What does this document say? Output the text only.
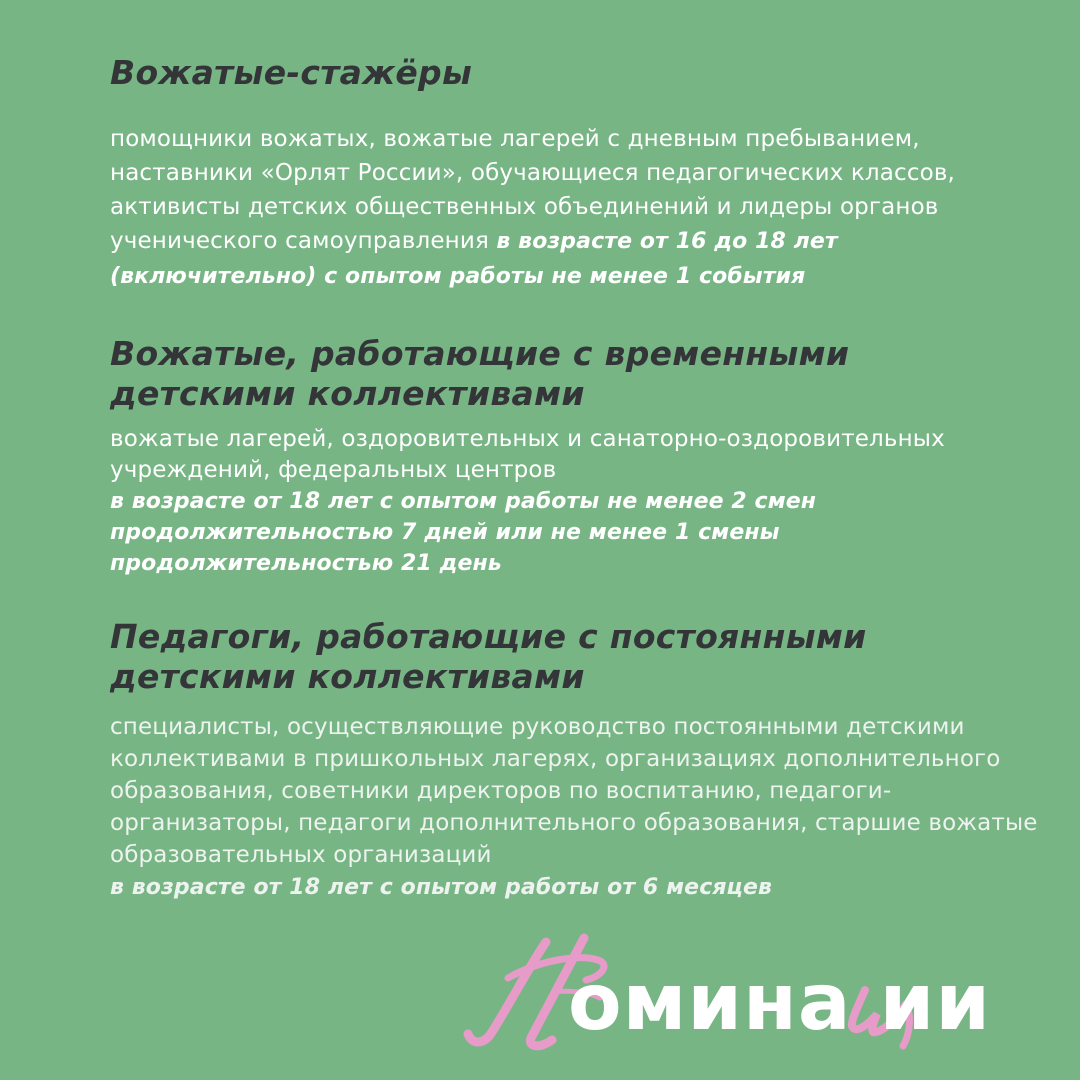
Вожатые-стажёры

помощники вожатых, вожатые лагерей с дневным пребыванием, наставники «Орлят России», обучающиеся педагогических классов, активисты детских общественных объединений и лидеры органов ученического самоуправления в возрасте от 16 до 18 лет (включительно) с опытом работы не менее 1 события

Вожатые, работающие с временными детскими коллективами

вожатые лагерей, оздоровительных и санаторно-оздоровительных учреждений, федеральных центров
в возрасте от 18 лет с опытом работы не менее 2 смен продолжительностью 7 дней или не менее 1 смены продолжительностью 21 день

Педагоги, работающие с постоянными детскими коллективами

специалисты, осуществляющие руководство постоянными детскими коллективами в пришкольных лагерях, организациях дополнительного образования, советники директоров по воспитанию, педагоги-организаторы, педагоги дополнительного образования, старшие вожатые образовательных организаций
в возрасте от 18 лет с опытом работы от 6 месяцев

омина ии
